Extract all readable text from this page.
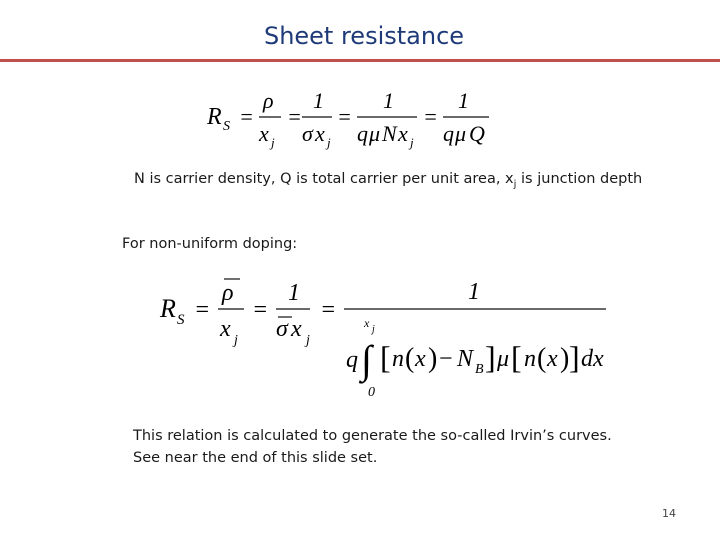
Sheet resistance
R S =
ρ
x j
=
1
σ x j
=
1
q μ N x j
=
1
q μ Q
N is carrier density, Q is total carrier per unit area, $x_j$ is junction depth
For non-uniform doping:
R S =
ρ
x j
=
1
σ x j
=
1
x j
q ∫
0
[ n ( x ) − N B ] μ [ n ( x ) ] dx
This relation is calculated to generate the so-called Irvin’s curves.
See near the end of this slide set.
14
